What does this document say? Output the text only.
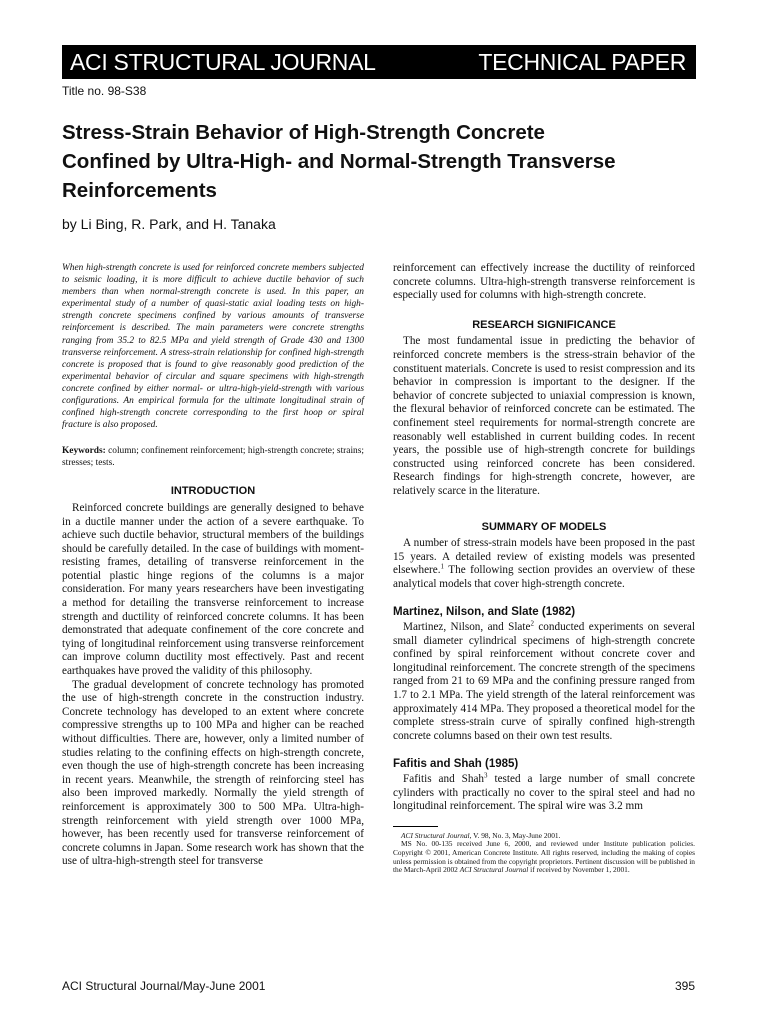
ACI STRUCTURAL JOURNAL	TECHNICAL PAPER
Title no. 98-S38
Stress-Strain Behavior of High-Strength Concrete
Confined by Ultra-High- and Normal-Strength Transverse
Reinforcements
by Li Bing, R. Park, and H. Tanaka

When high-strength concrete is used for reinforced concrete members subjected to seismic loading, it is more difficult to achieve ductile behavior of such members than when normal-strength concrete is used. In this paper, an experimental study of a number of quasi-static axial loading tests on high-strength concrete specimens confined by various amounts of transverse reinforcement is described. The main parameters were concrete strengths ranging from 35.2 to 82.5 MPa and yield strength of Grade 430 and 1300 transverse reinforcement. A stress-strain relationship for confined high-strength concrete is proposed that is found to give reasonably good prediction of the experimental behavior of circular and square specimens with high-strength concrete confined by either normal- or ultra-high-yield-strength with various configurations. An empirical formula for the ultimate longitudinal strain of confined high-strength concrete corresponding to the first hoop or spiral fracture is also proposed.

Keywords: column; confinement reinforcement; high-strength concrete; strains; stresses; tests.

INTRODUCTION

Reinforced concrete buildings are generally designed to behave in a ductile manner under the action of a severe earthquake. To achieve such ductile behavior, structural members of the buildings should be carefully detailed. In the case of buildings with moment-resisting frames, detailing of transverse reinforcement in the potential plastic hinge regions of the columns is a major consideration. For many years researchers have been investigating a method for detailing the transverse reinforcement to increase strength and ductility of reinforced concrete columns. It has been demonstrated that adequate confinement of the core concrete and tying of longitudinal reinforcement using transverse reinforcement can improve column ductility most effectively. Past and recent earthquakes have proved the validity of this philosophy.

The gradual development of concrete technology has promoted the use of high-strength concrete in the construction industry. Concrete technology has developed to an extent where concrete compressive strengths up to 100 MPa and higher can be reached without difficulties. There are, however, only a limited number of studies relating to the confining effects on high-strength concrete, even though the use of high-strength concrete has been increasing in recent years. Meanwhile, the strength of reinforcing steel has also been improved markedly. Normally the yield strength of reinforcement is approximately 300 to 500 MPa. Ultra-high-strength reinforcement with yield strength over 1000 MPa, however, has been recently used for transverse reinforcement of concrete columns in Japan. Some research work has shown that the use of ultra-high-strength steel for transverse

reinforcement can effectively increase the ductility of reinforced concrete columns. Ultra-high-strength transverse reinforcement is especially used for columns with high-strength concrete.

RESEARCH SIGNIFICANCE

The most fundamental issue in predicting the behavior of reinforced concrete members is the stress-strain behavior of the constituent materials. Concrete is used to resist compression and its behavior in compression is important to the designer. If the behavior of concrete subjected to uniaxial compression is known, the flexural behavior of reinforced concrete can be estimated. The confinement steel requirements for normal-strength concrete are reasonably well established in current building codes. In recent years, the possible use of high-strength concrete for buildings constructed using reinforced concrete has been considered. Research findings for high-strength concrete, however, are relatively scarce in the literature.

SUMMARY OF MODELS

A number of stress-strain models have been proposed in the past 15 years. A detailed review of existing models was presented elsewhere.$^1$ The following section provides an overview of these analytical models that cover high-strength concrete.

Martinez, Nilson, and Slate (1982)

Martinez, Nilson, and Slate$^2$ conducted experiments on several small diameter cylindrical specimens of high-strength concrete confined by spiral reinforcement without concrete cover and longitudinal reinforcement. The concrete strength of the specimens ranged from 21 to 69 MPa and the confining pressure ranged from 1.7 to 2.1 MPa. The yield strength of the lateral reinforcement was approximately 414 MPa. They proposed a theoretical model for the complete stress-strain curve of spirally confined high-strength concrete columns based on their own test results.

Fafitis and Shah (1985)

Fafitis and Shah$^3$ tested a large number of small concrete cylinders with practically no cover to the spiral steel and had no longitudinal reinforcement. The spiral wire was 3.2 mm

ACI Structural Journal, V. 98, No. 3, May-June 2001.

MS No. 00-135 received June 6, 2000, and reviewed under Institute publication policies. Copyright © 2001, American Concrete Institute. All rights reserved, including the making of copies unless permission is obtained from the copyright proprietors. Pertinent discussion will be published in the March-April 2002 ACI Structural Journal if received by November 1, 2001.

ACI Structural Journal/May-June 2001	395
